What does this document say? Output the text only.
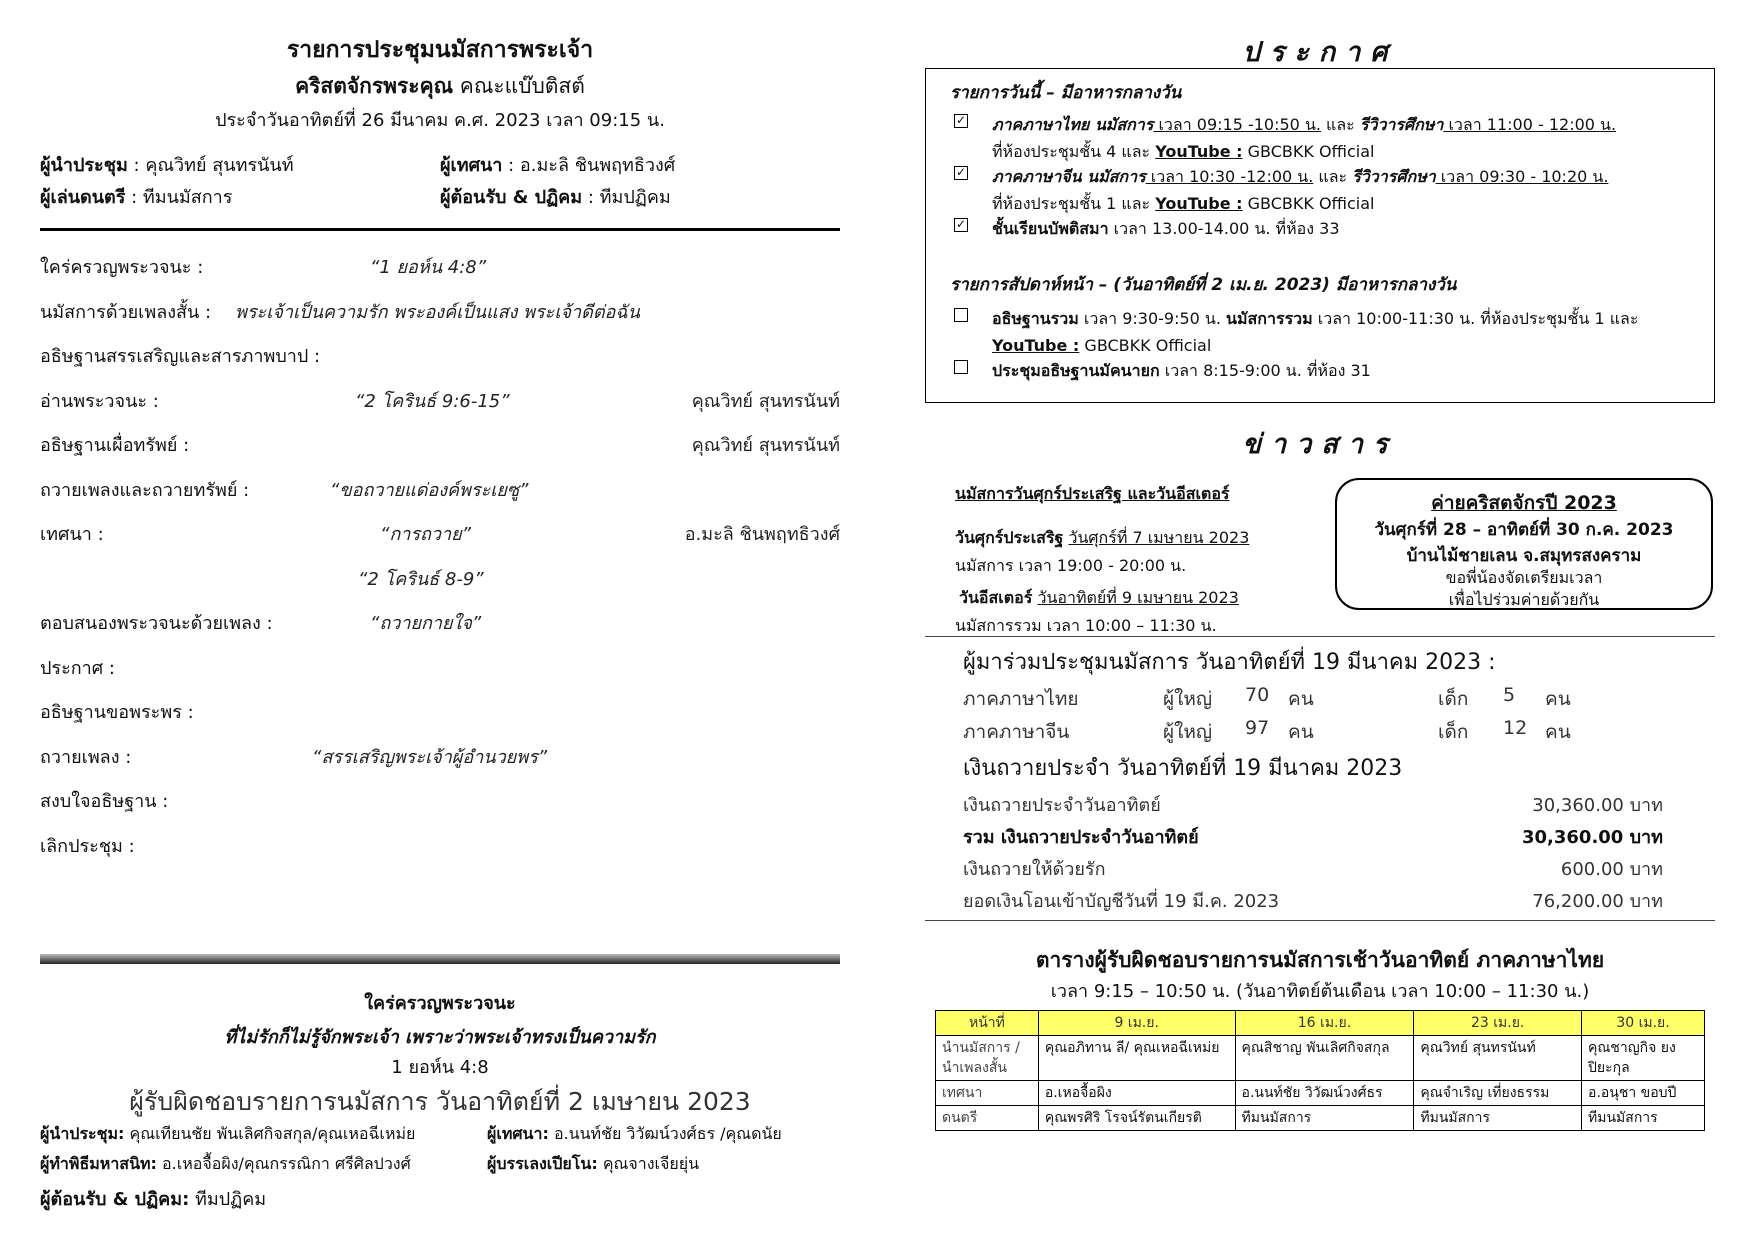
รายการประชุมนมัสการพระเจ้า
คริสตจักรพระคุณ คณะแบ๊บติสต์
ประจำวันอาทิตย์ที่ 26 มีนาคม ค.ศ. 2023 เวลา 09:15 น.
ผู้นำประชุม : คุณวิทย์ สุนทรนันท์	ผู้เทศนา : อ.มะลิ ชินพฤทธิวงศ์
ผู้เล่นดนตรี : ทีมนมัสการ	ผู้ต้อนรับ & ปฏิคม : ทีมปฏิคม
ใคร่ครวญพระวจนะ :	“1 ยอห์น 4:8”
นมัสการด้วยเพลงสั้น : พระเจ้าเป็นความรัก พระองค์เป็นแสง พระเจ้าดีต่อฉัน
อธิษฐานสรรเสริญและสารภาพบาป :
อ่านพระวจนะ :	“2 โครินธ์ 9:6-15”	คุณวิทย์ สุนทรนันท์
อธิษฐานเผื่อทรัพย์ :	คุณวิทย์ สุนทรนันท์
ถวายเพลงและถวายทรัพย์ :	“ขอถวายแด่องค์พระเยซู”
เทศนา :	“การถวาย”	อ.มะลิ ชินพฤทธิวงศ์
“2 โครินธ์ 8-9”
ตอบสนองพระวจนะด้วยเพลง :	“ถวายกายใจ”
ประกาศ :
อธิษฐานขอพระพร :
ถวายเพลง :	“สรรเสริญพระเจ้าผู้อำนวยพร”
สงบใจอธิษฐาน :
เลิกประชุม :
ใคร่ครวญพระวจนะ
ที่ไม่รักก็ไม่รู้จักพระเจ้า เพราะว่าพระเจ้าทรงเป็นความรัก
1 ยอห์น 4:8
ผู้รับผิดชอบรายการนมัสการ วันอาทิตย์ที่ 2 เมษายน 2023
ผู้นำประชุม: คุณเทียนชัย พันเลิศกิจสกุล/คุณเหอฉีเหม่ย	ผู้เทศนา: อ.นนท์ชัย วิวัฒน์วงศ์ธร /คุณดนัย
ผู้ทำพิธีมหาสนิท: อ.เหอจื้อผิง/คุณกรรณิกา ศรีศิลปวงศ์	ผู้บรรเลงเปียโน: คุณจางเจียยุ่น
ผู้ต้อนรับ & ปฏิคม: ทีมปฏิคม
ประกาศ
รายการวันนี้ – มีอาหารกลางวัน
✓ ภาคภาษาไทย นมัสการ เวลา 09:15 -10:50 น. และ รีวิวารศึกษา เวลา 11:00 - 12:00 น.
ที่ห้องประชุมชั้น 4 และ YouTube : GBCBKK Official
✓ ภาคภาษาจีน นมัสการ เวลา 10:30 -12:00 น. และ รีวิวารศึกษา เวลา 09:30 - 10:20 น.
ที่ห้องประชุมชั้น 1 และ YouTube : GBCBKK Official
✓ ชั้นเรียนบัพติสมา เวลา 13.00-14.00 น. ที่ห้อง 33
รายการสัปดาห์หน้า – (วันอาทิตย์ที่ 2 เม.ย. 2023) มีอาหารกลางวัน
อธิษฐานรวม เวลา 9:30-9:50 น. นมัสการรวม เวลา 10:00-11:30 น. ที่ห้องประชุมชั้น 1 และ
YouTube : GBCBKK Official
ประชุมอธิษฐานมัคนายก เวลา 8:15-9:00 น. ที่ห้อง 31
ข่าวสาร
นมัสการวันศุกร์ประเสริฐ และวันอีสเตอร์
วันศุกร์ประเสริฐ วันศุกร์ที่ 7 เมษายน 2023
นมัสการ เวลา 19:00 - 20:00 น.
วันอีสเตอร์ วันอาทิตย์ที่ 9 เมษายน 2023
นมัสการรวม เวลา 10:00 – 11:30 น.
ค่ายคริสตจักรปี 2023
วันศุกร์ที่ 28 – อาทิตย์ที่ 30 ก.ค. 2023
บ้านไม้ชายเลน จ.สมุทรสงคราม
ขอพี่น้องจัดเตรียมเวลา
เพื่อไปร่วมค่ายด้วยกัน
ผู้มาร่วมประชุมนมัสการ วันอาทิตย์ที่ 19 มีนาคม 2023 :
ภาคภาษาไทย	ผู้ใหญ่ 70 คน	เด็ก 5 คน
ภาคภาษาจีน	ผู้ใหญ่ 97 คน	เด็ก 12 คน
เงินถวายประจำ วันอาทิตย์ที่ 19 มีนาคม 2023
เงินถวายประจำวันอาทิตย์	30,360.00 บาท
รวม เงินถวายประจำวันอาทิตย์	30,360.00 บาท
เงินถวายให้ด้วยรัก	600.00 บาท
ยอดเงินโอนเข้าบัญชีวันที่ 19 มี.ค. 2023	76,200.00 บาท
ตารางผู้รับผิดชอบรายการนมัสการเช้าวันอาทิตย์ ภาคภาษาไทย
เวลา 9:15 – 10:50 น. (วันอาทิตย์ต้นเดือน เวลา 10:00 – 11:30 น.)
หน้าที่	9 เม.ย.	16 เม.ย.	23 เม.ย.	30 เม.ย.
นำนมัสการ / นำเพลงสั้น	คุณอภิทาน ลี/ คุณเหอฉีเหม่ย	คุณสิชาญ พันเลิศกิจสกุล	คุณวิทย์ สุนทรนันท์	คุณชาญกิจ ยงปิยะกุล
เทศนา	อ.เหอจื้อผิง	อ.นนท์ชัย วิวัฒน์วงศ์ธร	คุณจำเริญ เที่ยงธรรม	อ.อนุชา ขอบปี
ดนตรี	คุณพรศิริ โรจน์รัตนเกียรติ	ทีมนมัสการ	ทีมนมัสการ	ทีมนมัสการ
